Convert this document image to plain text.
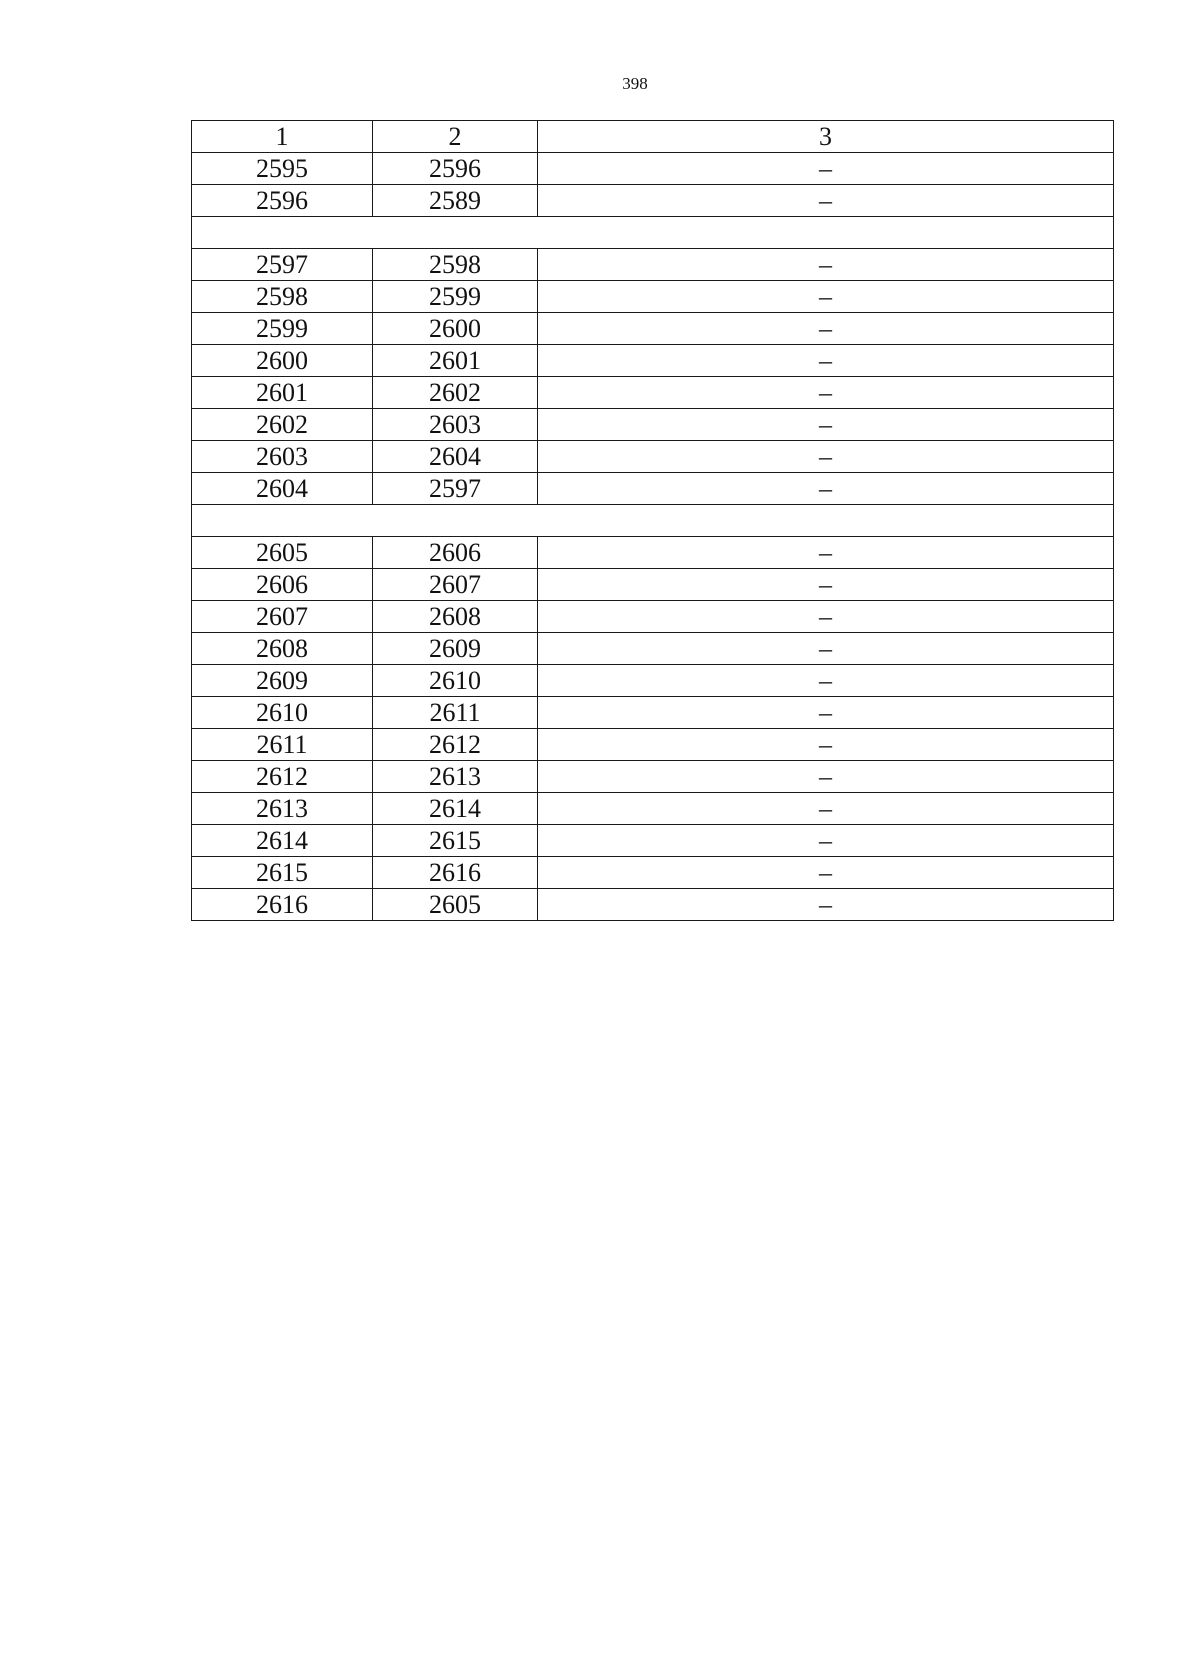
398
1	2	3
2595	2596	–
2596	2589	–

2597	2598	–
2598	2599	–
2599	2600	–
2600	2601	–
2601	2602	–
2602	2603	–
2603	2604	–
2604	2597	–

2605	2606	–
2606	2607	–
2607	2608	–
2608	2609	–
2609	2610	–
2610	2611	–
2611	2612	–
2612	2613	–
2613	2614	–
2614	2615	–
2615	2616	–
2616	2605	–
